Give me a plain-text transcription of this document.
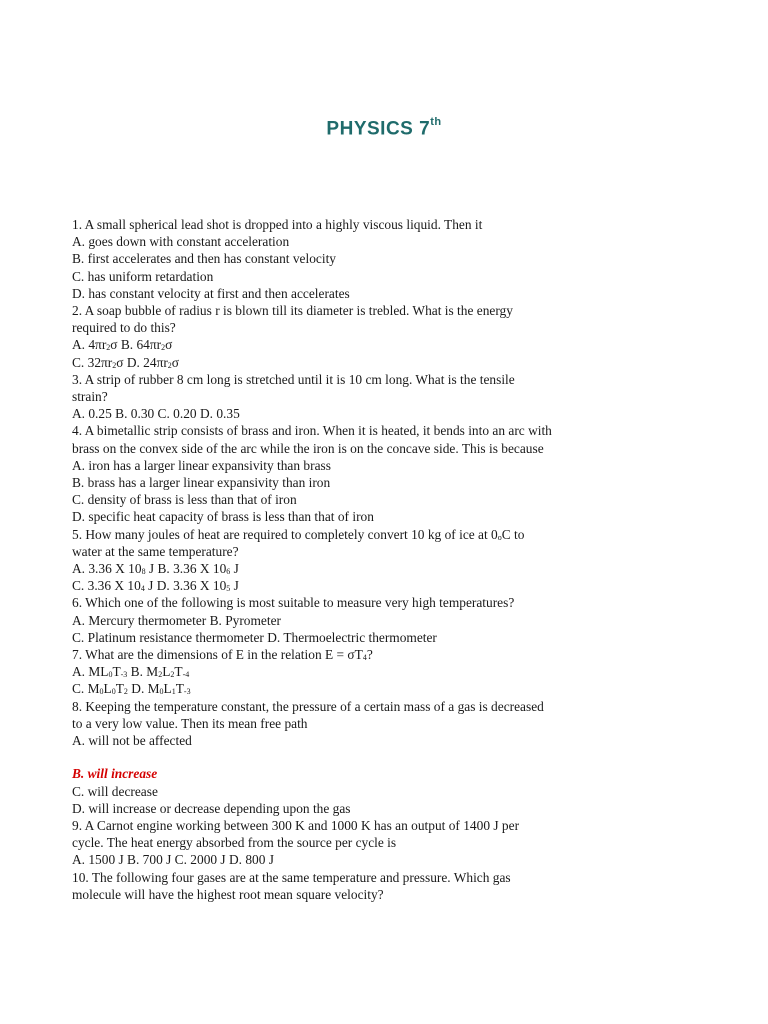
PHYSICS 7th
1. A small spherical lead shot is dropped into a highly viscous liquid. Then it
A. goes down with constant acceleration
B. first accelerates and then has constant velocity
C. has uniform retardation
D. has constant velocity at first and then accelerates
2. A soap bubble of radius r is blown till its diameter is trebled. What is the energy
required to do this?
A. $4\pi r_2\sigma$ B. $64\pi r_2\sigma$
C. $32\pi r_2\sigma$ D. $24\pi r_2\sigma$
3. A strip of rubber 8 cm long is stretched until it is 10 cm long. What is the tensile
strain?
A. 0.25 B. 0.30 C. 0.20 D. 0.35
4. A bimetallic strip consists of brass and iron. When it is heated, it bends into an arc with
brass on the convex side of the arc while the iron is on the concave side. This is because
A. iron has a larger linear expansivity than brass
B. brass has a larger linear expansivity than iron
C. density of brass is less than that of iron
D. specific heat capacity of brass is less than that of iron
5. How many joules of heat are required to completely convert 10 kg of ice at $0_oC$ to
water at the same temperature?
A. 3.36 X $10_8$ J B. 3.36 X $10_6$ J
C. 3.36 X $10_4$ J D. 3.36 X $10_5$ J
6. Which one of the following is most suitable to measure very high temperatures?
A. Mercury thermometer B. Pyrometer
C. Platinum resistance thermometer D. Thermoelectric thermometer
7. What are the dimensions of E in the relation $E = \sigma T_4$?
A. $ML_0T_{-3}$ B. $M_2L_2T_{-4}$
C. $M_0L_0T_2$ D. $M_0L_1T_{-3}$
8. Keeping the temperature constant, the pressure of a certain mass of a gas is decreased
to a very low value. Then its mean free path
A. will not be affected
B. will increase
C. will decrease
D. will increase or decrease depending upon the gas
9. A Carnot engine working between 300 K and 1000 K has an output of 1400 J per
cycle. The heat energy absorbed from the source per cycle is
A. 1500 J B. 700 J C. 2000 J D. 800 J
10. The following four gases are at the same temperature and pressure. Which gas
molecule will have the highest root mean square velocity?
